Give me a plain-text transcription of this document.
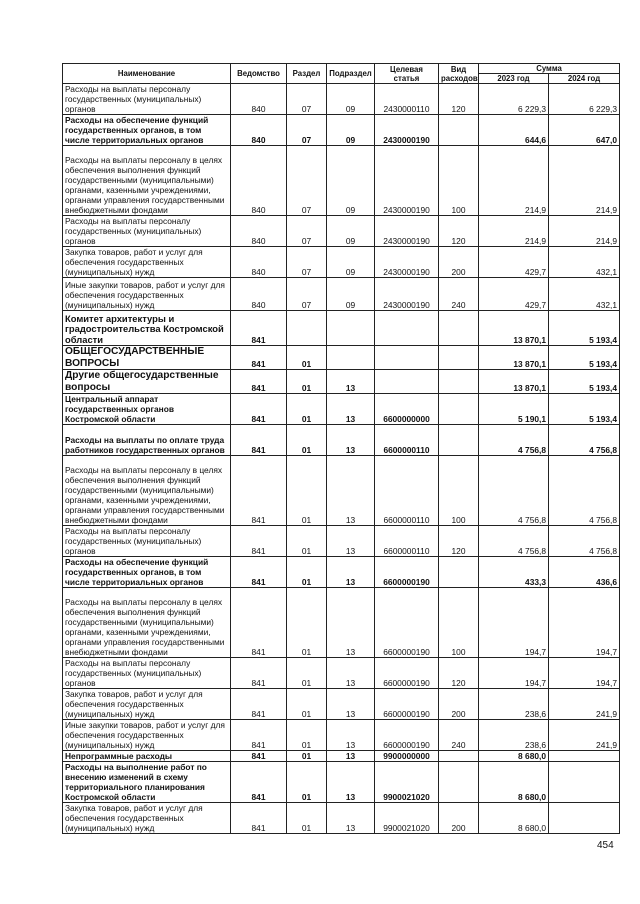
Наименование	Ведомство	Раздел	Подраздел	Целевая статья	Вид расходов	Сумма	
						2023 год	2024 год
Расходы на выплаты персоналу государственных (муниципальных) органов	840	07	09	2430000110	120	6 229,3	6 229,3
Расходы на обеспечение функций государственных органов, в том числе территориальных органов	840	07	09	2430000190		644,6	647,0
Расходы на выплаты персоналу в целях обеспечения выполнения функций государственными (муниципальными) органами, казенными учреждениями, органами управления государственными внебюджетными фондами	840	07	09	2430000190	100	214,9	214,9
Расходы на выплаты персоналу государственных (муниципальных) органов	840	07	09	2430000190	120	214,9	214,9
Закупка товаров, работ и услуг для обеспечения государственных (муниципальных) нужд	840	07	09	2430000190	200	429,7	432,1
Иные закупки товаров, работ и услуг для обеспечения государственных (муниципальных) нужд	840	07	09	2430000190	240	429,7	432,1
Комитет архитектуры и градостроительства Костромской области	841					13 870,1	5 193,4
ОБЩЕГОСУДАРСТВЕННЫЕ ВОПРОСЫ	841	01				13 870,1	5 193,4
Другие общегосударственные вопросы	841	01	13			13 870,1	5 193,4
Центральный аппарат государственных органов Костромской области	841	01	13	6600000000		5 190,1	5 193,4
Расходы на выплаты по оплате труда работников государственных органов	841	01	13	6600000110		4 756,8	4 756,8
Расходы на выплаты персоналу в целях обеспечения выполнения функций государственными (муниципальными) органами, казенными учреждениями, органами управления государственными внебюджетными фондами	841	01	13	6600000110	100	4 756,8	4 756,8
Расходы на выплаты персоналу государственных (муниципальных) органов	841	01	13	6600000110	120	4 756,8	4 756,8
Расходы на обеспечение функций государственных органов, в том числе территориальных органов	841	01	13	6600000190		433,3	436,6
Расходы на выплаты персоналу в целях обеспечения выполнения функций государственными (муниципальными) органами, казенными учреждениями, органами управления государственными внебюджетными фондами	841	01	13	6600000190	100	194,7	194,7
Расходы на выплаты персоналу государственных (муниципальных) органов	841	01	13	6600000190	120	194,7	194,7
Закупка товаров, работ и услуг для обеспечения государственных (муниципальных) нужд	841	01	13	6600000190	200	238,6	241,9
Иные закупки товаров, работ и услуг для обеспечения государственных (муниципальных) нужд	841	01	13	6600000190	240	238,6	241,9
Непрограммные расходы	841	01	13	9900000000		8 680,0	
Расходы на выполнение работ по внесению изменений в схему территориального планирования Костромской области	841	01	13	9900021020		8 680,0	
Закупка товаров, работ и услуг для обеспечения государственных (муниципальных) нужд	841	01	13	9900021020	200	8 680,0	
454
